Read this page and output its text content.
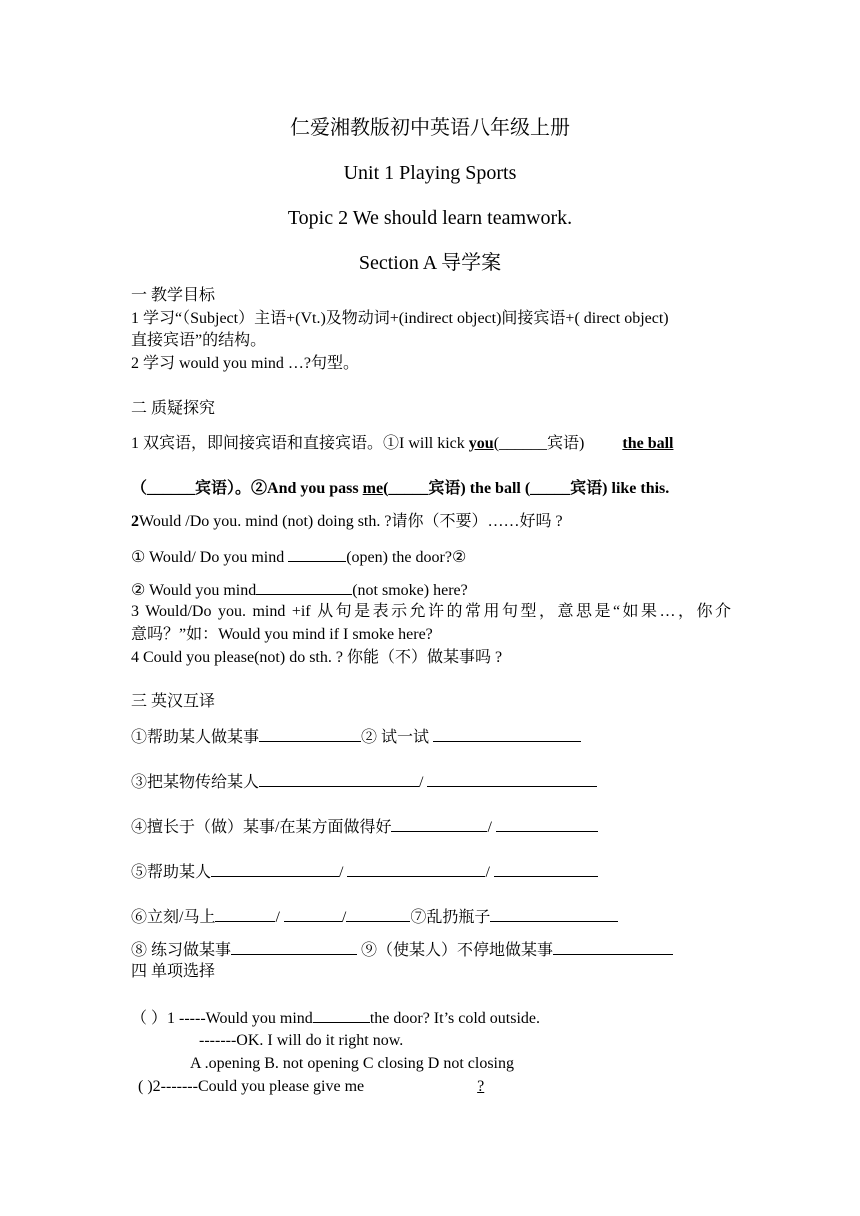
仁爱湘教版初中英语八年级上册
Unit 1 Playing Sports
Topic 2 We should learn teamwork.
Section A 导学案
一 教学目标
1 学习“（Subject）主语+(Vt.)及物动词+(indirect object)间接宾语+( direct object)
直接宾语”的结构。
2 学习 would you mind …?句型。
二 质疑探究
1 双宾语，即间接宾语和直接宾语。①I will kick you(______宾语) the ball
（______宾语）。②And you pass me(_____宾语) the ball (_____宾语) like this.
2Would /Do you. mind (not) doing sth. ?请你（不要）……好吗 ?
① Would/ Do you mind	(open) the door?②
② Would you mind	(not smoke) here?
3 Would/Do you. mind +if 从句是表示允许的常用句型，意思是“如果…，你介
意吗？”如：Would you mind if I smoke here?
4 Could you please(not) do sth. ? 你能（不）做某事吗 ?
三 英汉互译
①帮助某人做某事	② 试一试
③把某物传给某人	/
④擅长于（做）某事/在某方面做得好	/
⑤帮助某人	/	/
⑥立刻/马上	/	/	⑦乱扔瓶子
⑧ 练习做某事	⑨（使某人）不停地做某事
四 单项选择
（ ）1 -----Would you mind	the door? It’s cold outside.
-------OK. I will do it right now.
A .opening B. not opening C closing D not closing
( )2-------Could you please give me	?
